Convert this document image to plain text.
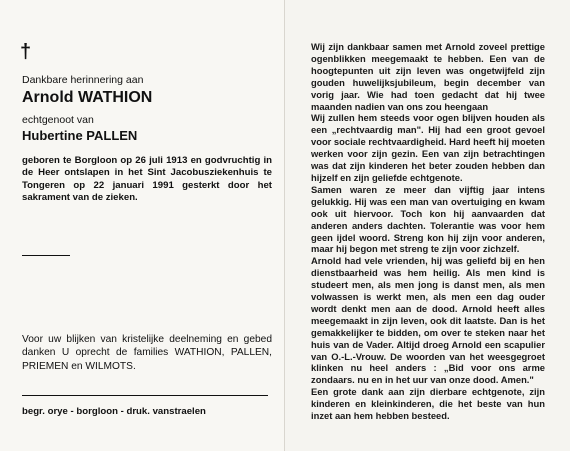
†
Dankbare herinnering aan
Arnold WATHION
echtgenoot van
Hubertine PALLEN
geboren te Borgloon op 26 juli 1913 en godvruchtig in de Heer ontslapen in het Sint Jacobusziekenhuis te Tongeren op 22 januari 1991 gesterkt door het sakrament van de zieken.
Voor uw blijken van kristelijke deelneming en gebed danken U oprecht de families WATHION, PALLEN, PRIEMEN en WILMOTS.
begr. orye - borgloon - druk. vanstraelen

Wij zijn dankbaar samen met Arnold zoveel prettige ogenblikken meegemaakt te hebben. Een van de hoogtepunten uit zijn leven was ongetwijfeld zijn gouden huwelijksjubileum, begin december van vorig jaar. Wie had toen gedacht dat hij twee maanden nadien van ons zou heengaan

Wij zullen hem steeds voor ogen blijven houden als een „rechtvaardig man". Hij had een groot gevoel voor sociale rechtvaardigheid. Hard heeft hij moeten werken voor zijn gezin. Een van zijn betrachtingen was dat zijn kinderen het beter zouden hebben dan hijzelf en zijn geliefde echtgenote.

Samen waren ze meer dan vijftig jaar intens gelukkig. Hij was een man van overtuiging en kwam ook uit hiervoor. Toch kon hij aanvaarden dat anderen anders dachten. Tolerantie was voor hem geen ijdel woord. Streng kon hij zijn voor anderen, maar hij begon met streng te zijn voor zichzelf.

Arnold had vele vrienden, hij was geliefd bij en hen dienstbaarheid was hem heilig. Als men kind is studeert men, als men jong is danst men, als men volwassen is werkt men, als men een dag ouder wordt denkt men aan de dood. Arnold heeft alles meegemaakt in zijn leven, ook dit laatste. Dan is het gemakkelijker te bidden, om over te steken naar het huis van de Vader. Altijd droeg Arnold een scapulier van O.-L.-Vrouw. De woorden van het weesgegroet klinken nu heel anders : „Bid voor ons arme zondaars. nu en in het uur van onze dood. Amen."

Een grote dank aan zijn dierbare echtgenote, zijn kinderen en kleinkinderen, die het beste van hun inzet aan hem hebben besteed.
